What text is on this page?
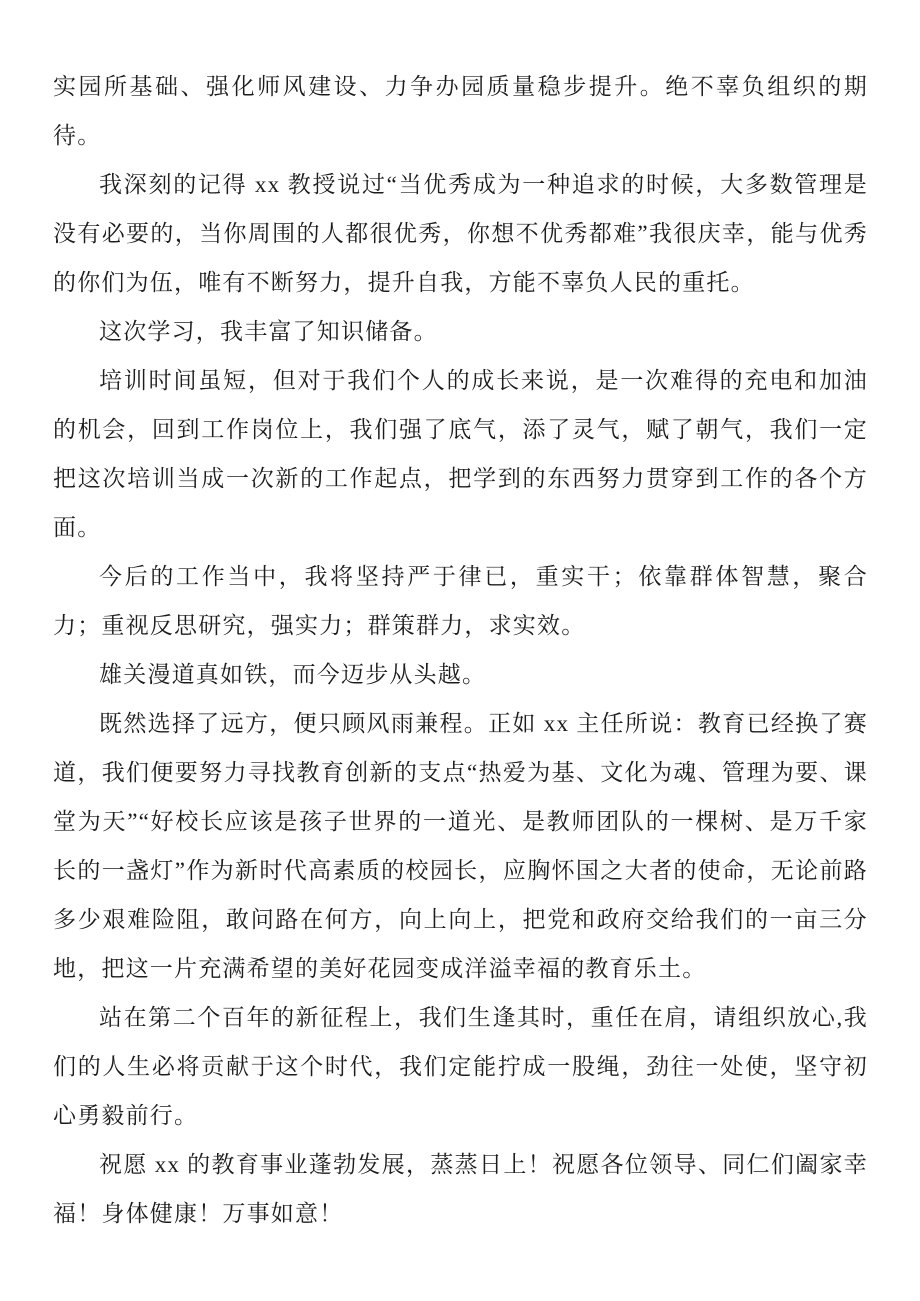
实园所基础、强化师风建设、力争办园质量稳步提升。绝不辜负组织的期待。

我深刻的记得 xx 教授说过“当优秀成为一种追求的时候，大多数管理是没有必要的，当你周围的人都很优秀，你想不优秀都难”我很庆幸，能与优秀的你们为伍，唯有不断努力，提升自我，方能不辜负人民的重托。

这次学习，我丰富了知识储备。

培训时间虽短，但对于我们个人的成长来说，是一次难得的充电和加油的机会，回到工作岗位上，我们强了底气，添了灵气，赋了朝气，我们一定把这次培训当成一次新的工作起点，把学到的东西努力贯穿到工作的各个方面。

今后的工作当中，我将坚持严于律已，重实干；依靠群体智慧，聚合力；重视反思研究，强实力；群策群力，求实效。

雄关漫道真如铁，而今迈步从头越。

既然选择了远方，便只顾风雨兼程。正如 xx 主任所说：教育已经换了赛道，我们便要努力寻找教育创新的支点“热爱为基、文化为魂、管理为要、课堂为天”“好校长应该是孩子世界的一道光、是教师团队的一棵树、是万千家长的一盏灯”作为新时代高素质的校园长，应胸怀国之大者的使命，无论前路多少艰难险阻，敢问路在何方，向上向上，把党和政府交给我们的一亩三分地，把这一片充满希望的美好花园变成洋溢幸福的教育乐土。

站在第二个百年的新征程上，我们生逢其时，重任在肩，请组织放心,我们的人生必将贡献于这个时代，我们定能拧成一股绳，劲往一处使，坚守初心勇毅前行。

祝愿 xx 的教育事业蓬勃发展，蒸蒸日上！祝愿各位领导、同仁们阖家幸福！身体健康！万事如意！
